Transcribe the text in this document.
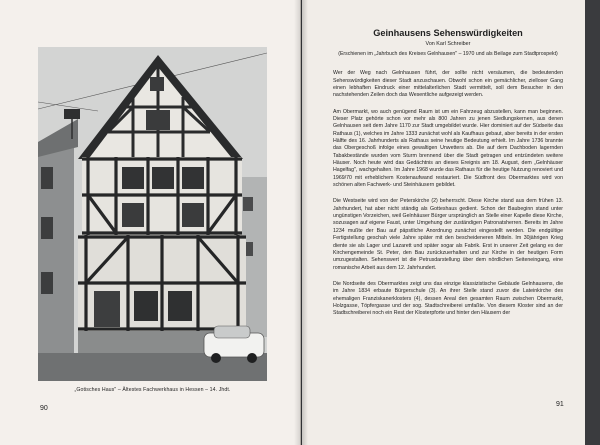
„Gotisches Haus" – Ältestes Fachwerkhaus in Hessen – 14. Jhdt.
90
91
Geinhausens Sehenswürdigkeiten
Von Karl Schreiber
(Erschienen im „Jahrbuch des Kreises Gelnhausen" – 1970 und als Beilage zum Stadtprospekt)

Wer der Weg nach Gelnhausen führt, der sollte nicht versäumen, die bedeutenden Sehenswürdigkeiten dieser Stadt anzuschauen. Obwohl schon ein gemächlicher, zielloser Gang einen lebhaften Eindruck einer mittelalterlichen Stadt vermittelt, soll dem Besucher in den nachstehenden Zeilen doch das Wesentliche aufgezeigt werden.

Am Obermarkt, wo auch genügend Raum ist um ein Fahrzeug abzustellen, kann man beginnen. Dieser Platz gehörte schon vor mehr als 800 Jahren zu jenen Siedlungskernen, aus denen Gelnhausen seit dem Jahre 1170 zur Stadt umgebildet wurde. Hier dominiert auf der Südseite das Rathaus (1), welches im Jahre 1333 zunächst wohl als Kaufhaus gebaut, aber bereits in der ersten Hälfte des 16. Jahrhunderts als Rathaus seine heutige Bedeutung erhielt. Im Jahre 1736 brannte das Obergeschoß infolge eines gewaltigen Unwetters ab. Die auf dem Dachboden lagernden Tabakbestände wurden vom Sturm brennend über die Stadt getragen und entzündeten weitere Häuser. Noch heute wird das Gedächtnis an dieses Ereignis am 18. August, dem „Gelnhäuser Hagelfag", wachgehalten. Im Jahre 1968 wurde das Rathaus für die heutige Nutzung renoviert und 1969/70 mit erheblichem Kostenaufwand restauriert. Die Südfront des Obermarktes wird von schönen alten Fachwerk- und Steinhäusern gebildet.

Die Westseite wird von der Peterskirche (2) beherrscht. Diese Kirche stand aus dem frühen 13. Jahrhundert, hat aber nicht ständig als Gotteshaus gedient. Schon der Baubeginn stand unter ungünstigen Vorzeichen, weil Gelnhäuser Bürger ursprünglich an Stelle einer Kapelle diese Kirche, sozusagen auf eigene Faust, unter Umgehung der zuständigen Patronatsherren. Bereits im Jahre 1234 mußte der Bau auf päpstliche Anordnung zunächst eingestellt werden. Die endgültige Fertigstellung geschah viele Jahre später mit den bescheideneren Mitteln. Im 30jährigen Krieg diente sie als Lager und Lazarett und später sogar als Fabrik. Erst in unserer Zeit gelang es der Kirchengemeinde St. Peter, den Bau zurückzuerhalten und zur Kirche in der heutigen Form umzugestalten. Sehenswert ist die Petrusdarstellung über dem nördlichen Seiteneingang, eine romanische Arbeit aus dem 12. Jahrhundert.

Die Nordseite des Obermarktes zeigt uns das einzige klassizistische Gebäude Gelnhausens, die im Jahre 1834 erbaute Bürgerschule (3). An ihrer Stelle stand zuvor die Lateinkirche des ehemaligen Franziskanerklosters (4), dessen Areal den gesamten Raum zwischen Obermarkt, Holzgasse, Töpfergasse und der sog. Stadtschreiberei umfaßte. Von diesem Kloster sind an der Stadtschreiberei noch ein Rest der Klosterpforte und hinter den Häusern der
